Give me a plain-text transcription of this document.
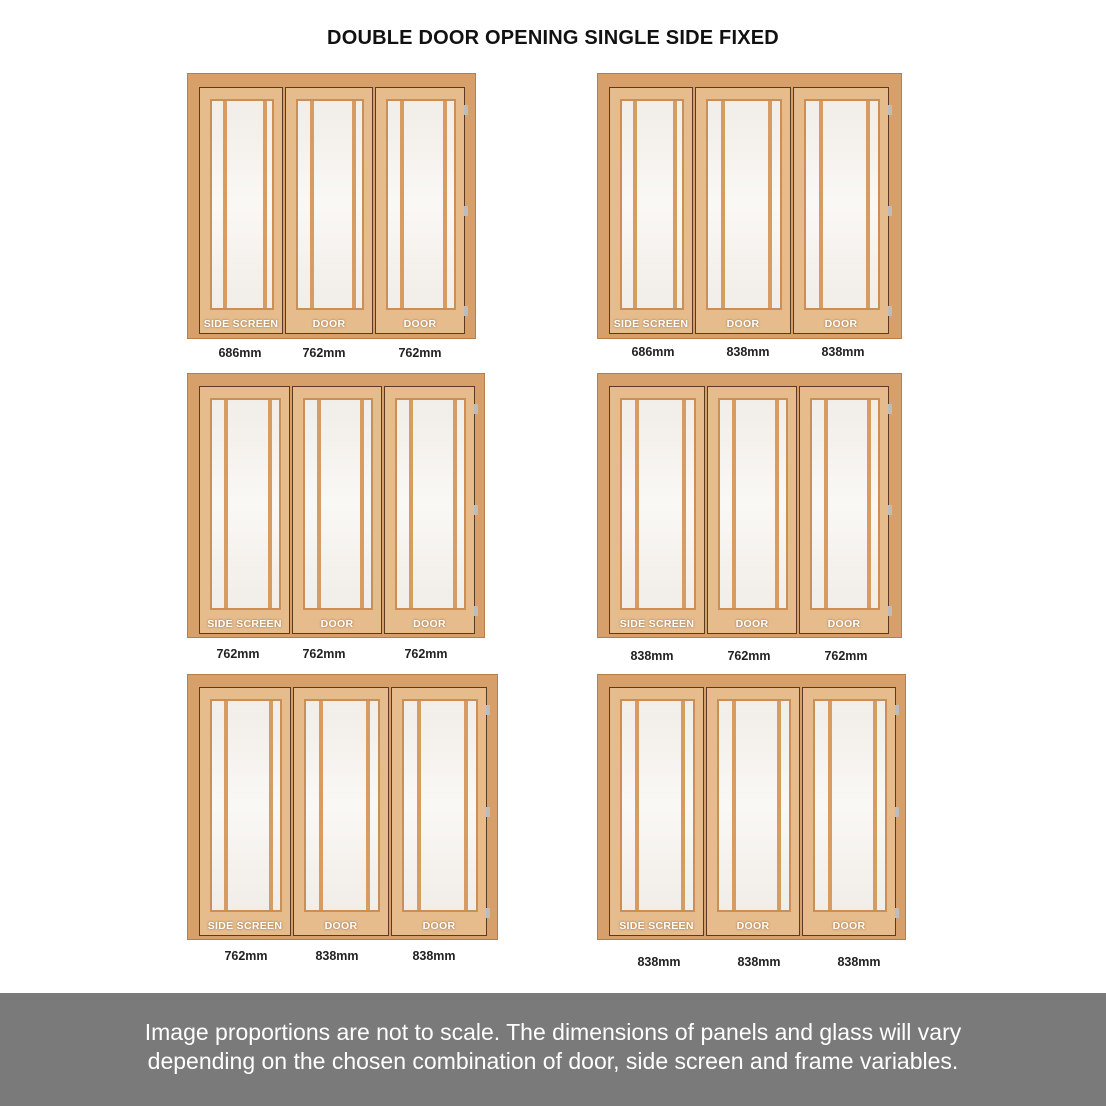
DOUBLE DOOR OPENING SINGLE SIDE FIXED
SIDE SCREEN	DOOR	DOOR
686mm	762mm	762mm
SIDE SCREEN	DOOR	DOOR
686mm	838mm	838mm
SIDE SCREEN	DOOR	DOOR
762mm	762mm	762mm
SIDE SCREEN	DOOR	DOOR
838mm	762mm	762mm
SIDE SCREEN	DOOR	DOOR
762mm	838mm	838mm
SIDE SCREEN	DOOR	DOOR
838mm	838mm	838mm
Image proportions are not to scale. The dimensions of panels and glass will vary
depending on the chosen combination of door, side screen and frame variables.
